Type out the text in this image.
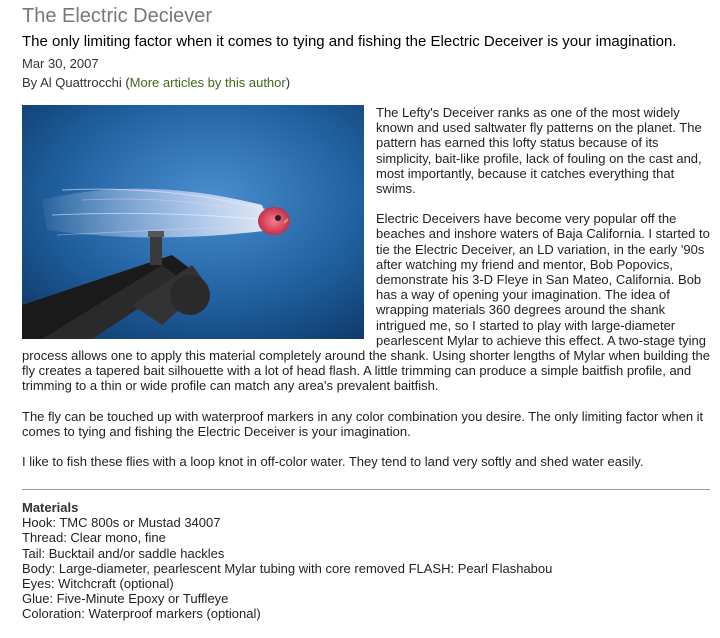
The Electric Deciever
The only limiting factor when it comes to tying and fishing the Electric Deceiver is your imagination.
Mar 30, 2007
By Al Quattrocchi (More articles by this author)

The Lefty's Deceiver ranks as one of the most widely known and used saltwater fly patterns on the planet. The pattern has earned this lofty status because of its simplicity, bait-like profile, lack of fouling on the cast and, most importantly, because it catches everything that swims.

Electric Deceivers have become very popular off the beaches and inshore waters of Baja California. I started to tie the Electric Deceiver, an LD variation, in the early '90s after watching my friend and mentor, Bob Popovics, demonstrate his 3-D Fleye in San Mateo, California. Bob has a way of opening your imagination. The idea of wrapping materials 360 degrees around the shank intrigued me, so I started to play with large-diameter pearlescent Mylar to achieve this effect. A two-stage tying process allows one to apply this material completely around the shank. Using shorter lengths of Mylar when building the fly creates a tapered bait silhouette with a lot of head flash. A little trimming can produce a simple baitfish profile, and trimming to a thin or wide profile can match any area's prevalent baitfish.

The fly can be touched up with waterproof markers in any color combination you desire. The only limiting factor when it comes to tying and fishing the Electric Deceiver is your imagination.

I like to fish these flies with a loop knot in off-color water. They tend to land very softly and shed water easily.

Materials
Hook: TMC 800s or Mustad 34007
Thread: Clear mono, fine
Tail: Bucktail and/or saddle hackles
Body: Large-diameter, pearlescent Mylar tubing with core removed FLASH: Pearl Flashabou
Eyes: Witchcraft (optional)
Glue: Five-Minute Epoxy or Tuffleye
Coloration: Waterproof markers (optional)
